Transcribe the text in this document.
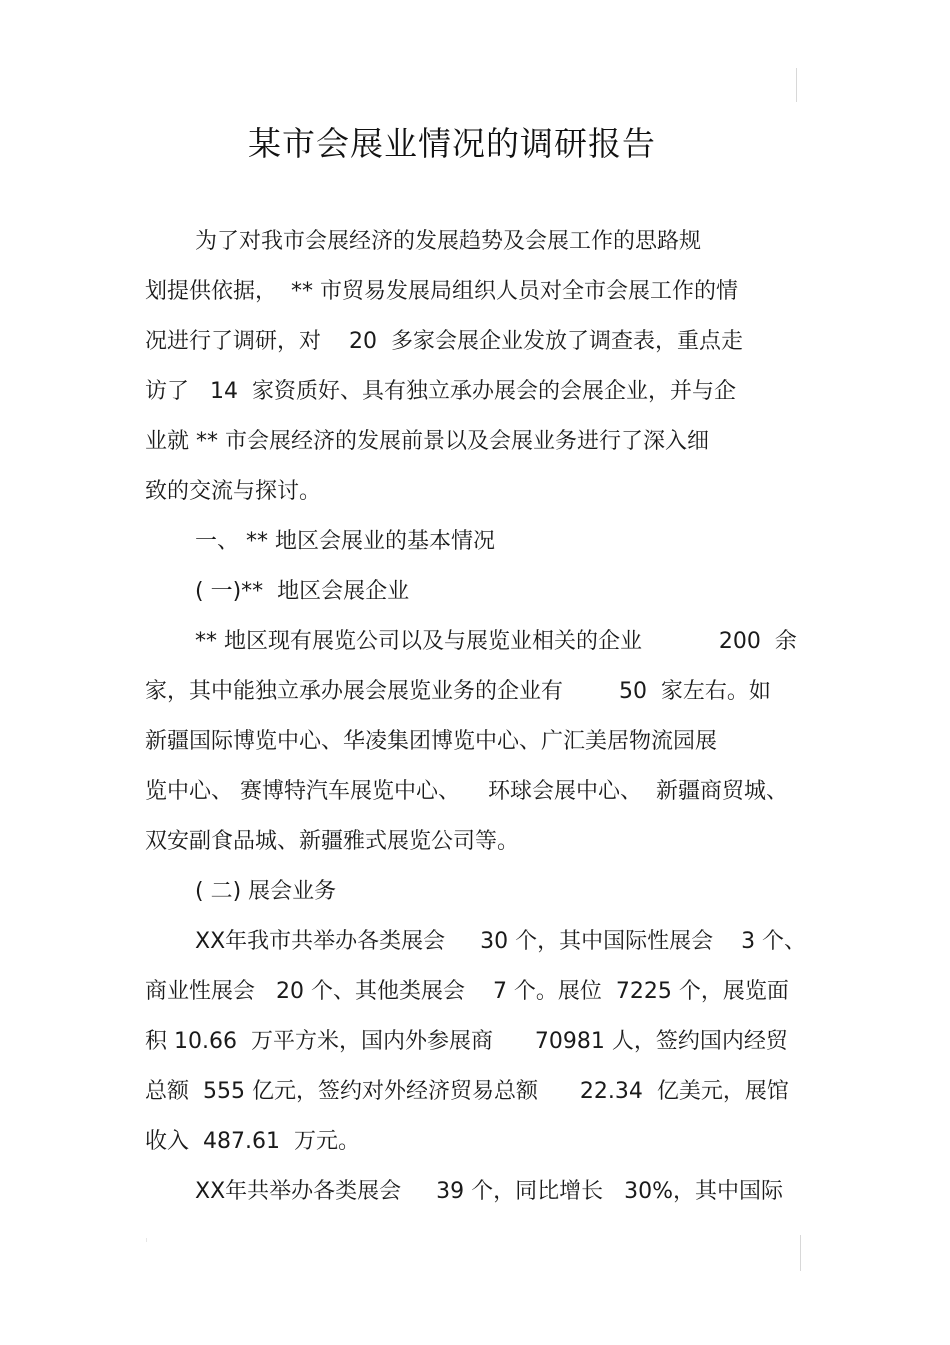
某市会展业情况的调研报告
为了对我市会展经济的发展趋势及会展工作的思路规
划提供依据，  ** 市贸易发展局组织人员对全市会展工作的情
况进行了调研，对    20  多家会展企业发放了调查表，重点走
访了   14  家资质好、具有独立承办展会的会展企业，并与企
业就 ** 市会展经济的发展前景以及会展业务进行了深入细
致的交流与探讨。
一、 ** 地区会展业的基本情况
( 一)**  地区会展企业
** 地区现有展览公司以及与展览业相关的企业           200  余
家，其中能独立承办展会展览业务的企业有        50  家左右。如
新疆国际博览中心、华凌集团博览中心、广汇美居物流园展
览中心、 赛博特汽车展览中心、    环球会展中心、  新疆商贸城、
双安副食品城、新疆雅式展览公司等。
( 二) 展会业务
XX年我市共举办各类展会     30 个，其中国际性展会    3 个、
商业性展会   20 个、其他类展会    7 个。展位  7225 个，展览面
积 10.66  万平方米，国内外参展商      70981 人，签约国内经贸
总额  555 亿元，签约对外经济贸易总额      22.34  亿美元，展馆
收入  487.61  万元。
XX年共举办各类展会     39 个，同比增长   30%，其中国际
